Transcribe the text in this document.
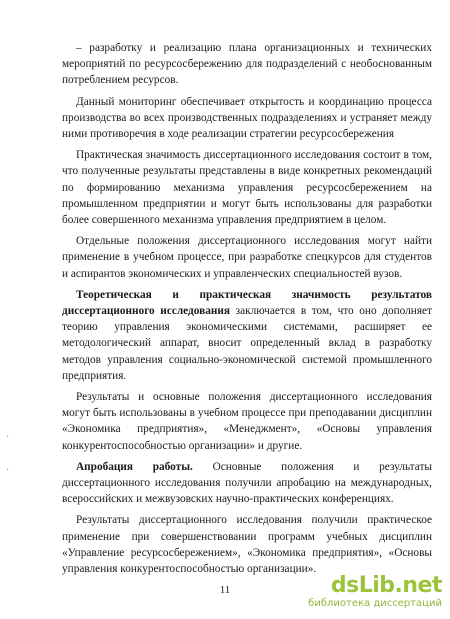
– разработку и реализацию плана организационных и технических мероприятий по ресурсосбережению для подразделений с необоснованным потреблением ресурсов.

Данный мониторинг обеспечивает открытость и координацию процесса производства во всех производственных подразделениях и устраняет между ними противоречия в ходе реализации стратегии ресурсосбережения

Практическая значимость диссертационного исследования состоит в том, что полученные результаты представлены в виде конкретных рекомендаций по формированию механизма управления ресурсосбережением на промышленном предприятии и могут быть использованы для разработки более совершенного механизма управления предприятием в целом.

Отдельные положения диссертационного исследования могут найти применение в учебном процессе, при разработке спецкурсов для студентов и аспирантов экономических и управленческих специальностей вузов.

Теоретическая и практическая значимость результатов диссертационного исследования заключается в том, что оно дополняет теорию управления экономическими системами, расширяет ее методологический аппарат, вносит определенный вклад в разработку методов управления социально-экономической системой промышленного предприятия.

Результаты и основные положения диссертационного исследования могут быть использованы в учебном процессе при преподавании дисциплин «Экономика предприятия», «Менеджмент», «Основы управления конкурентоспособностью организации» и другие.

Апробация работы. Основные положения и результаты диссертационного исследования получили апробацию на международных, всероссийских и межвузовских научно-практических конференциях.

Результаты диссертационного исследования получили практическое применение при совершенствовании программ учебных дисциплин «Управление ресурсосбережением», «Экономика предприятия», «Основы управления конкурентоспособностью организации».

·
·
11	dsLib.net
библиотека диссертаций
